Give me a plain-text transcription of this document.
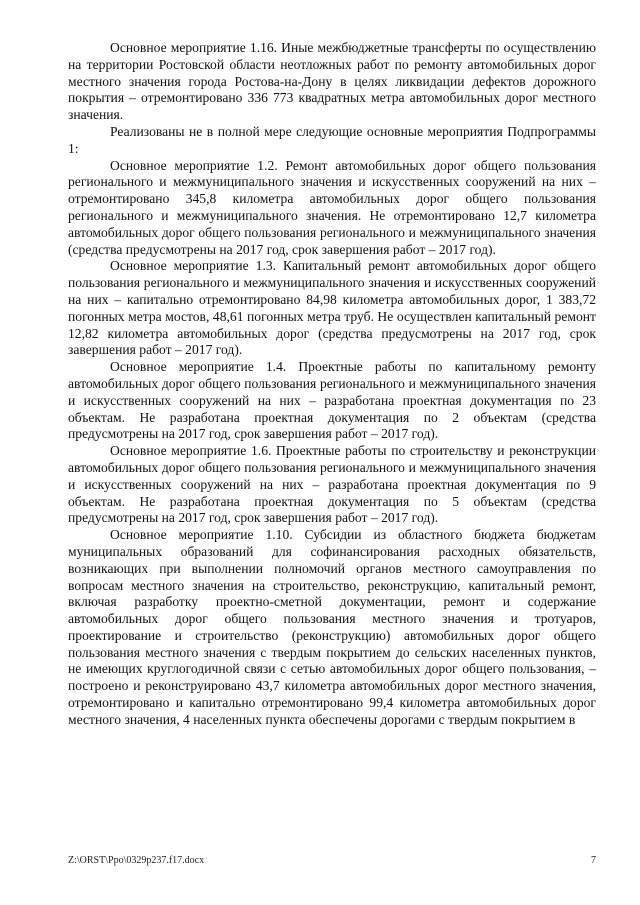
Основное мероприятие 1.16. Иные межбюджетные трансферты по осуществлению на территории Ростовской области неотложных работ по ремонту автомобильных дорог местного значения города Ростова-на-Дону в целях ликвидации дефектов дорожного покрытия – отремонтировано 336 773 квадратных метра автомобильных дорог местного значения.

Реализованы не в полной мере следующие основные мероприятия Подпрограммы 1:

Основное мероприятие 1.2. Ремонт автомобильных дорог общего пользования регионального и межмуниципального значения и искусственных сооружений на них – отремонтировано 345,8 километра автомобильных дорог общего пользования регионального и межмуниципального значения. Не отремонтировано 12,7 километра автомобильных дорог общего пользования регионального и межмуниципального значения (средства предусмотрены на 2017 год, срок завершения работ – 2017 год).

Основное мероприятие 1.3. Капитальный ремонт автомобильных дорог общего пользования регионального и межмуниципального значения и искусственных сооружений на них – капитально отремонтировано 84,98 километра автомобильных дорог, 1 383,72 погонных метра мостов, 48,61 погонных метра труб. Не осуществлен капитальный ремонт 12,82 километра автомобильных дорог (средства предусмотрены на 2017 год, срок завершения работ – 2017 год).

Основное мероприятие 1.4. Проектные работы по капитальному ремонту автомобильных дорог общего пользования регионального и межмуниципального значения и искусственных сооружений на них – разработана проектная документация по 23 объектам. Не разработана проектная документация по 2 объектам (средства предусмотрены на 2017 год, срок завершения работ – 2017 год).

Основное мероприятие 1.6. Проектные работы по строительству и реконструкции автомобильных дорог общего пользования регионального и межмуниципального значения и искусственных сооружений на них – разработана проектная документация по 9 объектам. Не разработана проектная документация по 5 объектам (средства предусмотрены на 2017 год, срок завершения работ – 2017 год).

Основное мероприятие 1.10. Субсидии из областного бюджета бюджетам муниципальных образований для софинансирования расходных обязательств, возникающих при выполнении полномочий органов местного самоуправления по вопросам местного значения на строительство, реконструкцию, капитальный ремонт, включая разработку проектно-сметной документации, ремонт и содержание автомобильных дорог общего пользования местного значения и тротуаров, проектирование и строительство (реконструкцию) автомобильных дорог общего пользования местного значения с твердым покрытием до сельских населенных пунктов, не имеющих круглогодичной связи с сетью автомобильных дорог общего пользования, – построено и реконструировано 43,7 километра автомобильных дорог местного значения, отремонтировано и капитально отремонтировано 99,4 километра автомобильных дорог местного значения, 4 населенных пункта обеспечены дорогами с твердым покрытием в

Z:\ORST\Ppo\0329p237.f17.docx	7
